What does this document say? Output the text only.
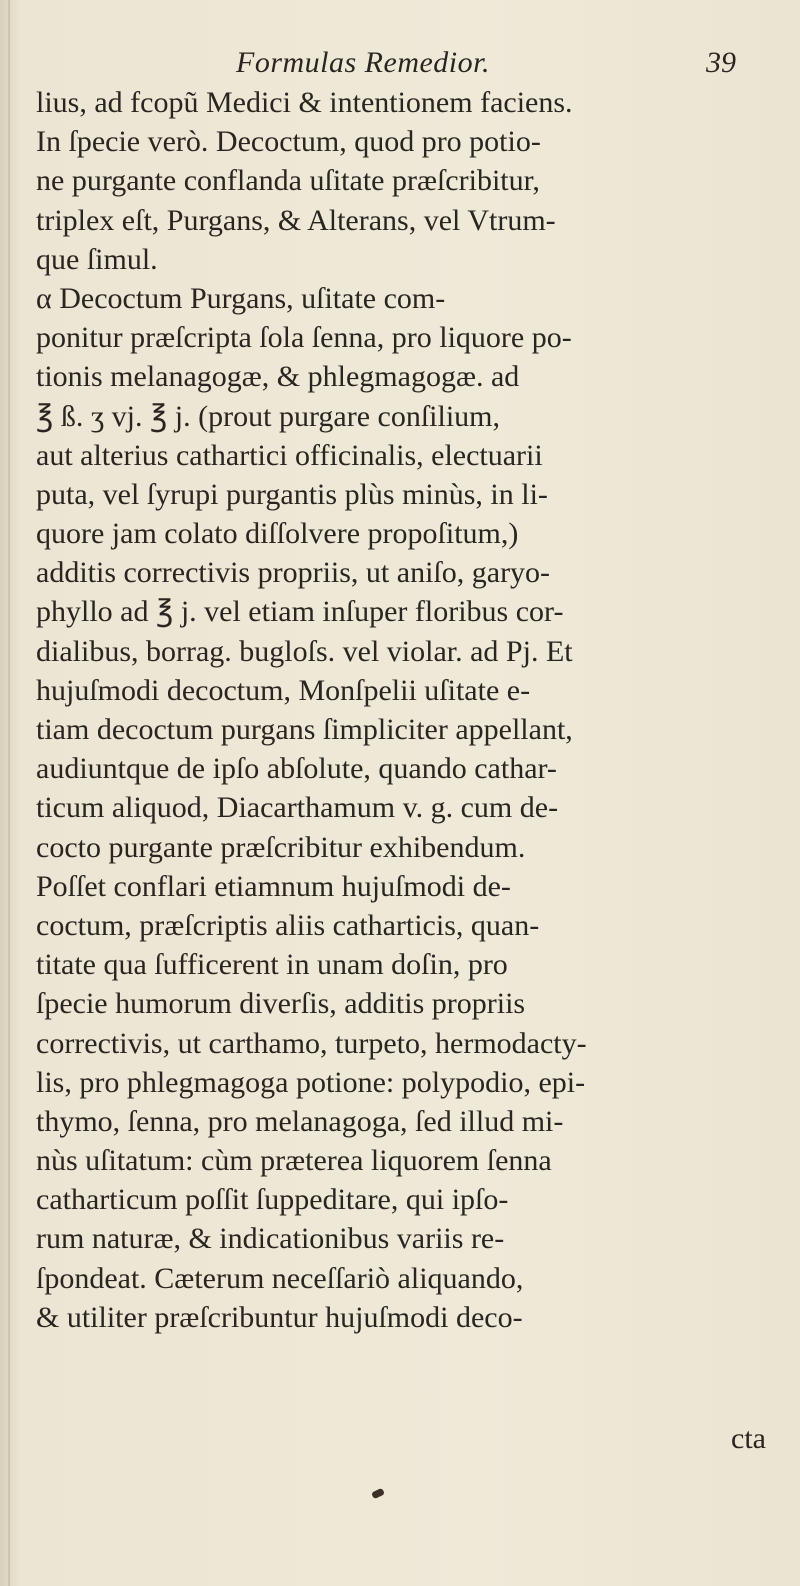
Formulas Remedior.	39
lius, ad fcopũ Medici & intentionem faciens.
In ſpecie verò. Decoctum, quod pro potio-
ne purgante conflanda uſitate præſcribitur,
triplex eſt, Purgans, & Alterans, vel Vtrum-
que ſimul.
α Decoctum Purgans, uſitate com-
ponitur præſcripta ſola ſenna, pro liquore po-
tionis melanagogæ, & phlegmagogæ. ad
℥ ß. ʒ vj. ℥ j. (prout purgare conſilium,
aut alterius cathartici officinalis, electuarii
puta, vel ſyrupi purgantis plùs minùs, in li-
quore jam colato diſſolvere propoſitum,)
additis correctivis propriis, ut aniſo, garyo-
phyllo ad ℥ j. vel etiam inſuper floribus cor-
dialibus, borrag. bugloſs. vel violar. ad Pj. Et
hujuſmodi decoctum, Monſpelii uſitate e-
tiam decoctum purgans ſimpliciter appellant,
audiuntque de ipſo abſolute, quando cathar-
ticum aliquod, Diacarthamum v. g. cum de-
cocto purgante præſcribitur exhibendum.
Poſſet conflari etiamnum hujuſmodi de-
coctum, præſcriptis aliis catharticis, quan-
titate qua ſufficerent in unam doſin, pro
ſpecie humorum diverſis, additis propriis
correctivis, ut carthamo, turpeto, hermodacty-
lis, pro phlegmagoga potione: polypodio, epi-
thymo, ſenna, pro melanagoga, ſed illud mi-
nùs uſitatum: cùm præterea liquorem ſenna
catharticum poſſit ſuppeditare, qui ipſo-
rum naturæ, & indicationibus variis re-
ſpondeat. Cæterum neceſſariò aliquando,
& utiliter præſcribuntur hujuſmodi deco-
cta
